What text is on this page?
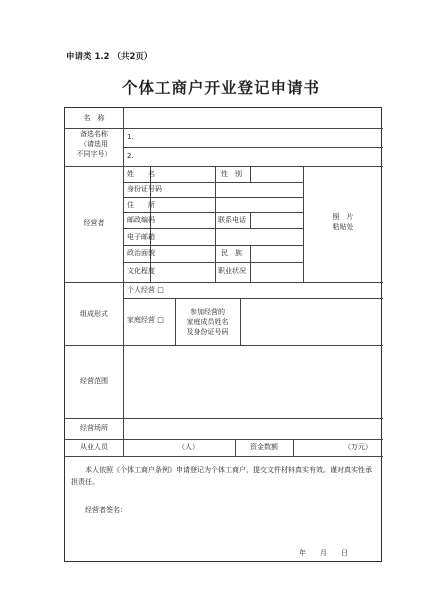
申请类 1.2 （共2页）
个体工商户开业登记申请书
名　称
备选名称
（请选用
不同字号）
1.
2.
经营者
姓　　名	性　别
身份证号码
住　　所
邮政编码	联系电话
电子邮箱
政治面貌	民　族
文化程度	职业状况
照　片
粘贴处
组成形式
个人经营 □
家庭经营 □
参加经营的
家庭成员姓名
及身份证号码
经营范围
经营场所
从业人员	（人）	资金数额	（万元）
本人依照《个体工商户条例》申请登记为个体工商户，提交文件材料真实有效。谨对真实性承担责任。
经营者签名：
年　　月　　日
